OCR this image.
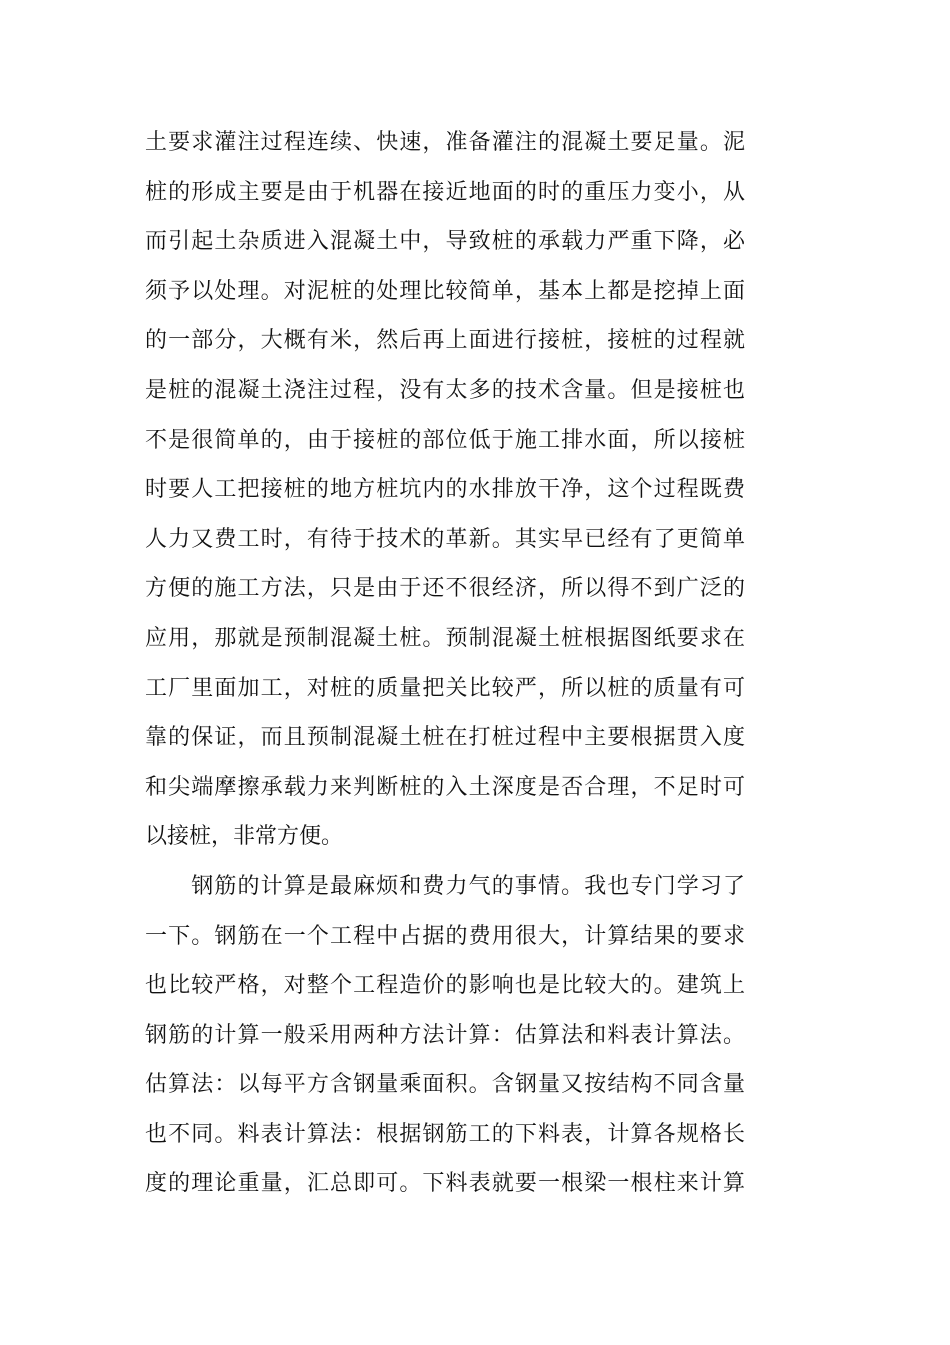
土要求灌注过程连续、快速，准备灌注的混凝土要足量。泥
桩的形成主要是由于机器在接近地面的时的重压力变小，从
而引起土杂质进入混凝土中，导致桩的承载力严重下降，必
须予以处理。对泥桩的处理比较简单，基本上都是挖掉上面
的一部分，大概有米，然后再上面进行接桩，接桩的过程就
是桩的混凝土浇注过程，没有太多的技术含量。但是接桩也
不是很简单的，由于接桩的部位低于施工排水面，所以接桩
时要人工把接桩的地方桩坑内的水排放干净，这个过程既费
人力又费工时，有待于技术的革新。其实早已经有了更简单
方便的施工方法，只是由于还不很经济，所以得不到广泛的
应用，那就是预制混凝土桩。预制混凝土桩根据图纸要求在
工厂里面加工，对桩的质量把关比较严，所以桩的质量有可
靠的保证，而且预制混凝土桩在打桩过程中主要根据贯入度
和尖端摩擦承载力来判断桩的入土深度是否合理，不足时可
以接桩，非常方便。
　　钢筋的计算是最麻烦和费力气的事情。我也专门学习了
一下。钢筋在一个工程中占据的费用很大，计算结果的要求
也比较严格，对整个工程造价的影响也是比较大的。建筑上
钢筋的计算一般采用两种方法计算：估算法和料表计算法。
估算法：以每平方含钢量乘面积。含钢量又按结构不同含量
也不同。料表计算法：根据钢筋工的下料表，计算各规格长
度的理论重量，汇总即可。下料表就要一根梁一根柱来计算
